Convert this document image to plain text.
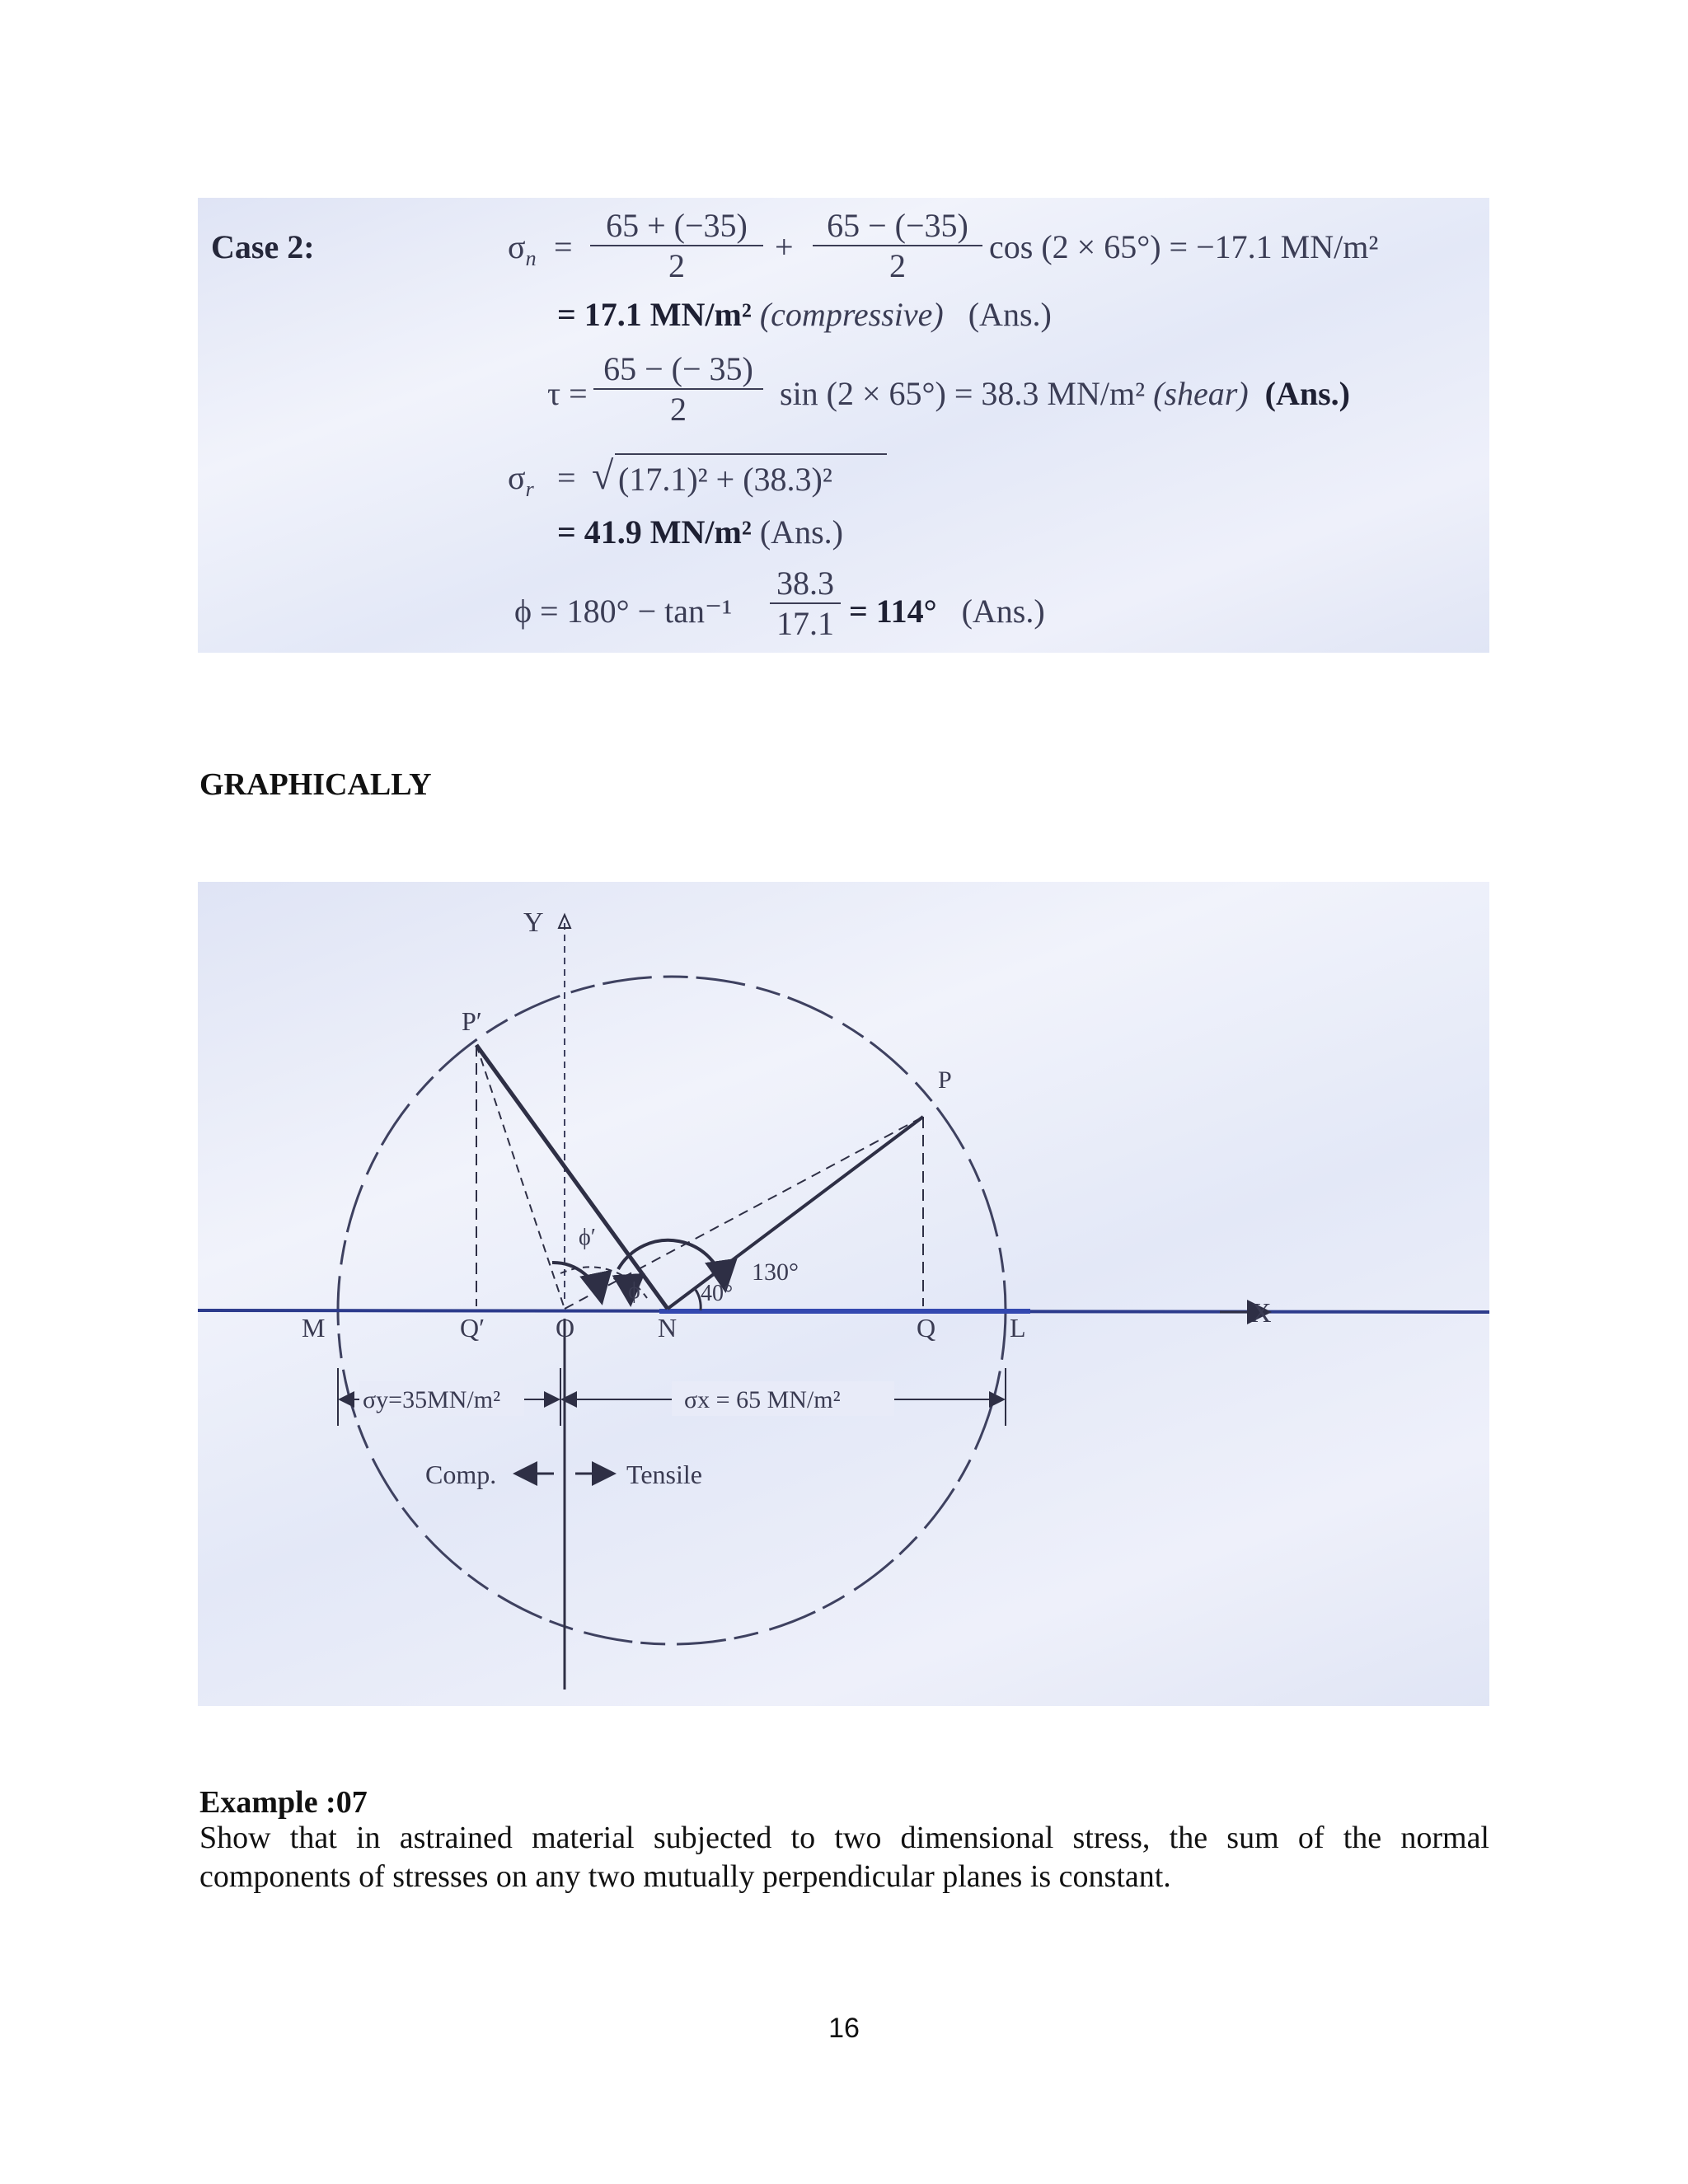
Case 2:	$\sigma_n = \frac{65 + (-35)}{2} + \frac{65 - (-35)}{2}$ cos (2 × 65°) = −17.1 MN/m²
= 17.1 MN/m² (compressive) (Ans.)
$\tau = \frac{65 - (- 35)}{2}$ sin (2 × 65°) = 38.3 MN/m² (shear) (Ans.)
$\sigma_r$ = √ (17.1)² + (38.3)²
= 41.9 MN/m² (Ans.)
$\phi = 180^\circ - \tan^{-1} \frac{38.3}{17.1} = 114^\circ$ (Ans.)
GRAPHICALLY
Y
X
P′
P
M	Q′	O	N	Q	L
ϕ′
ϕ	40°
130°
σy=35MN/m²	σx = 65 MN/m²
Comp.	Tensile
Example :07
Show that in astrained material subjected to two dimensional stress, the sum of the normal components of stresses on any two mutually perpendicular planes is constant.
16
